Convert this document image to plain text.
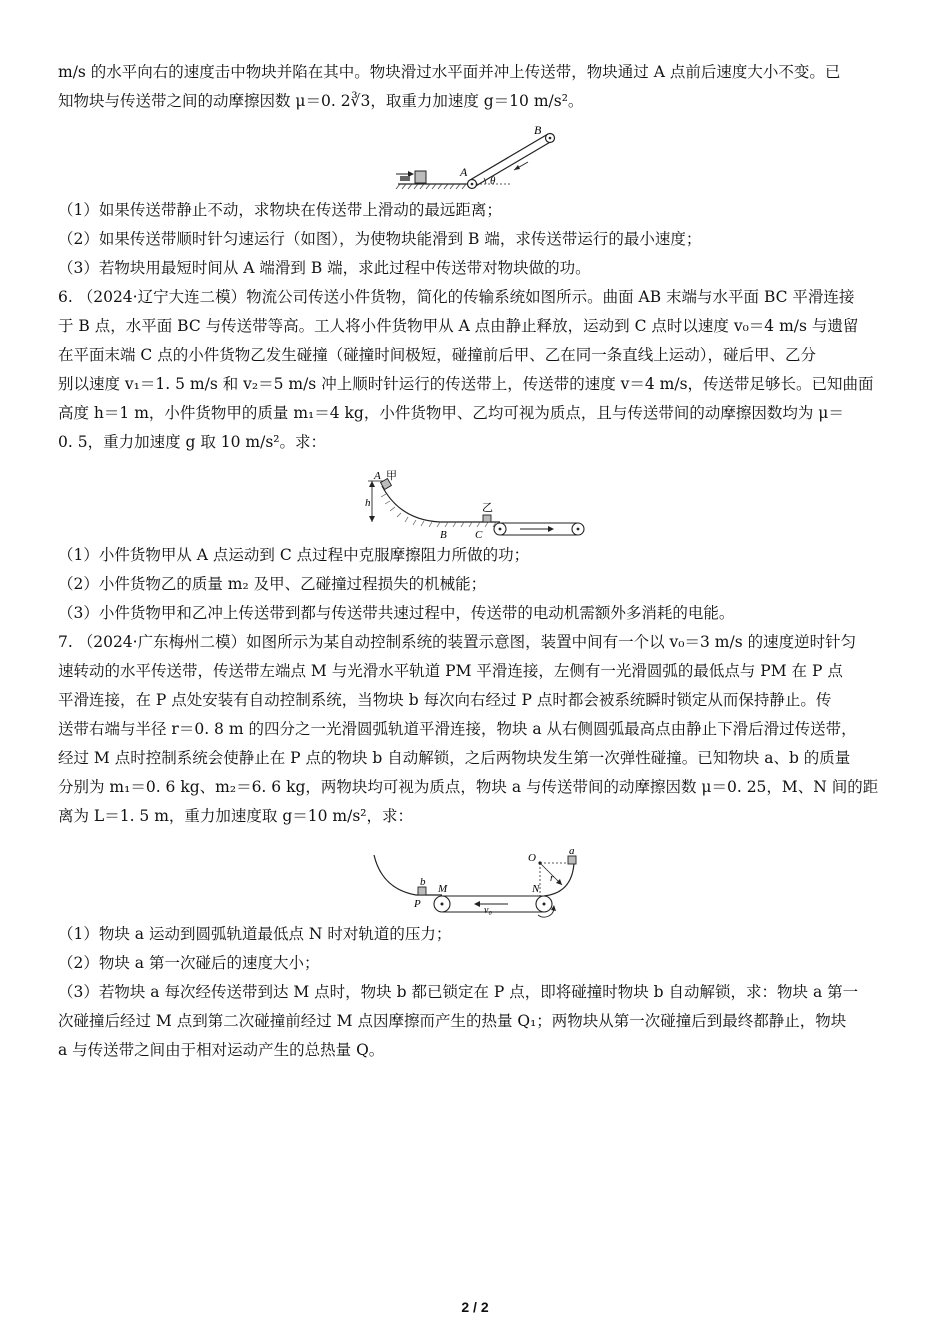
m/s 的水平向右的速度击中物块并陷在其中。物块滑过水平面并冲上传送带，物块通过 A 点前后速度大小不变。已
知物块与传送带之间的动摩擦因数 μ＝0. 2∛3，取重力加速度 g＝10 m/s²。
θ
A
B
（1）如果传送带静止不动，求物块在传送带上滑动的最远距离；
（2）如果传送带顺时针匀速运行（如图），为使物块能滑到 B 端，求传送带运行的最小速度；
（3）若物块用最短时间从 A 端滑到 B 端，求此过程中传送带对物块做的功。
6. （2024·辽宁大连二模）物流公司传送小件货物，简化的传输系统如图所示。曲面 AB 末端与水平面 BC 平滑连接
于 B 点，水平面 BC 与传送带等高。工人将小件货物甲从 A 点由静止释放，运动到 C 点时以速度 v₀＝4 m/s 与遗留
在平面末端 C 点的小件货物乙发生碰撞（碰撞时间极短，碰撞前后甲、乙在同一条直线上运动），碰后甲、乙分
别以速度 v₁＝1. 5 m/s 和 v₂＝5 m/s 冲上顺时针运行的传送带上，传送带的速度 v＝4 m/s，传送带足够长。已知曲面
高度 h＝1 m，小件货物甲的质量 m₁＝4 kg，小件货物甲、乙均可视为质点，且与传送带间的动摩擦因数均为 μ＝
0. 5，重力加速度 g 取 10 m/s²。求：
h
A 甲
乙
B	C
（1）小件货物甲从 A 点运动到 C 点过程中克服摩擦阻力所做的功；
（2）小件货物乙的质量 m₂ 及甲、乙碰撞过程损失的机械能；
（3）小件货物甲和乙冲上传送带到都与传送带共速过程中，传送带的电动机需额外多消耗的电能。
7. （2024·广东梅州二模）如图所示为某自动控制系统的装置示意图，装置中间有一个以 v₀＝3 m/s 的速度逆时针匀
速转动的水平传送带，传送带左端点 M 与光滑水平轨道 PM 平滑连接，左侧有一光滑圆弧的最低点与 PM 在 P 点
平滑连接，在 P 点处安装有自动控制系统，当物块 b 每次向右经过 P 点时都会被系统瞬时锁定从而保持静止。传
送带右端与半径 r＝0. 8 m 的四分之一光滑圆弧轨道平滑连接，物块 a 从右侧圆弧最高点由静止下滑后滑过传送带，
经过 M 点时控制系统会使静止在 P 点的物块 b 自动解锁，之后两物块发生第一次弹性碰撞。已知物块 a、b 的质量
分别为 m₁＝0. 6 kg、m₂＝6. 6 kg，两物块均可视为质点，物块 a 与传送带间的动摩擦因数 μ＝0. 25，M、N 间的距
离为 L＝1. 5 m，重力加速度取 g＝10 m/s²，求：
b
P
M
v₀
N
O
r
a
（1）物块 a 运动到圆弧轨道最低点 N 时对轨道的压力；
（2）物块 a 第一次碰后的速度大小；
（3）若物块 a 每次经传送带到达 M 点时，物块 b 都已锁定在 P 点，即将碰撞时物块 b 自动解锁，求：物块 a 第一
次碰撞后经过 M 点到第二次碰撞前经过 M 点因摩擦而产生的热量 Q₁；两物块从第一次碰撞后到最终都静止，物块
a 与传送带之间由于相对运动产生的总热量 Q。
2 / 2
